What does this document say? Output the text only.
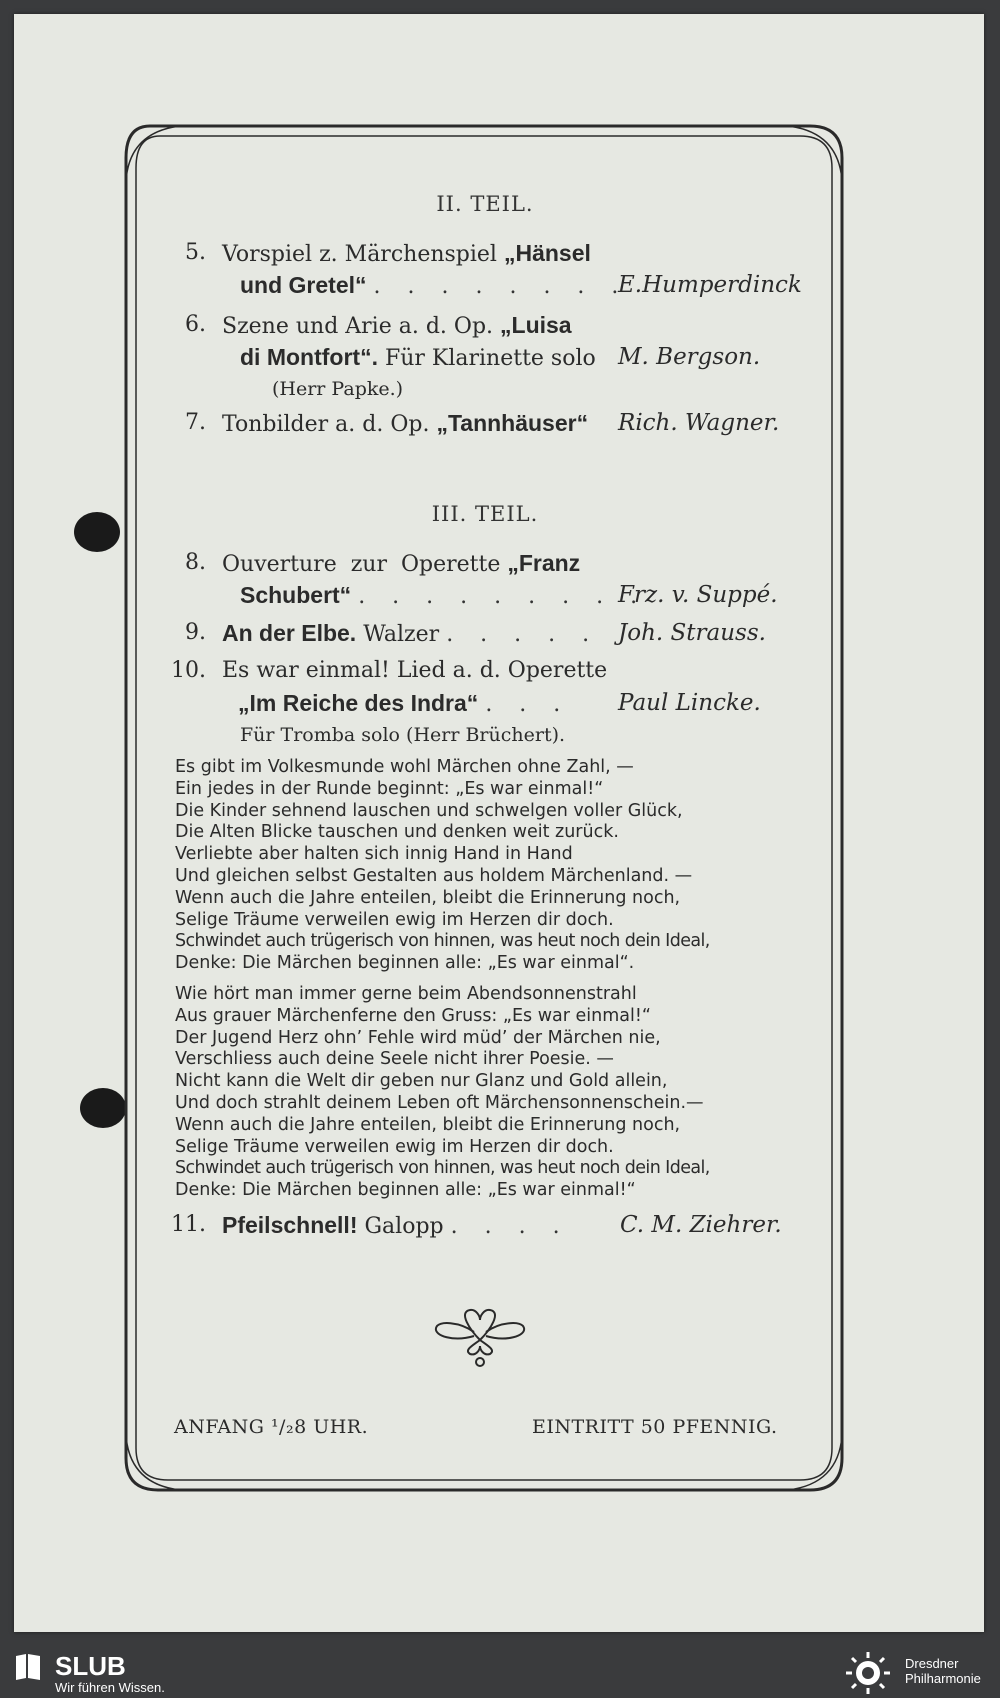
II. TEIL.
5. Vorspiel z. Märchenspiel „Hänsel
und Gretel“ . . . . . . . .
E.Humperdinck
6. Szene und Arie a. d. Op. „Luisa
di Montfort“. Für Klarinette solo M. Bergson.
(Herr Papke.)
7. Tonbilder a. d. Op. „Tannhäuser“ Rich. Wagner.
III. TEIL.
8. Ouverture  zur  Operette „Franz
Schubert“ . . . . . . . . .
Frz. v. Suppé.
9. An der Elbe. Walzer . . . . . Joh. Strauss.
10. Es war einmal! Lied a. d. Operette
„Im Reiche des Indra“ . . . Paul Lincke.
Für Tromba solo (Herr Brüchert).
Es gibt im Volkesmunde wohl Märchen ohne Zahl, —
Ein jedes in der Runde beginnt: „Es war einmal!“
Die Kinder sehnend lauschen und schwelgen voller Glück,
Die Alten Blicke tauschen und denken weit zurück.
Verliebte aber halten sich innig Hand in Hand
Und gleichen selbst Gestalten aus holdem Märchenland. —
Wenn auch die Jahre enteilen, bleibt die Erinnerung noch,
Selige Träume verweilen ewig im Herzen dir doch.
Schwindet auch trügerisch von hinnen, was heut noch dein Ideal,
Denke: Die Märchen beginnen alle: „Es war einmal“.
Wie hört man immer gerne beim Abendsonnenstrahl
Aus grauer Märchenferne den Gruss: „Es war einmal!“
Der Jugend Herz ohn’ Fehle wird müd’ der Märchen nie,
Verschliess auch deine Seele nicht ihrer Poesie. —
Nicht kann die Welt dir geben nur Glanz und Gold allein,
Und doch strahlt deinem Leben oft Märchensonnenschein.—
Wenn auch die Jahre enteilen, bleibt die Erinnerung noch,
Selige Träume verweilen ewig im Herzen dir doch.
Schwindet auch trügerisch von hinnen, was heut noch dein Ideal,
Denke: Die Märchen beginnen alle: „Es war einmal!“
11. Pfeilschnell! Galopp . . . . C. M. Ziehrer.
ANFANG ¹/₂8 UHR.	EINTRITT 50 PFENNIG.
SLUB
Wir führen Wissen.
Dresdner
Philharmonie
